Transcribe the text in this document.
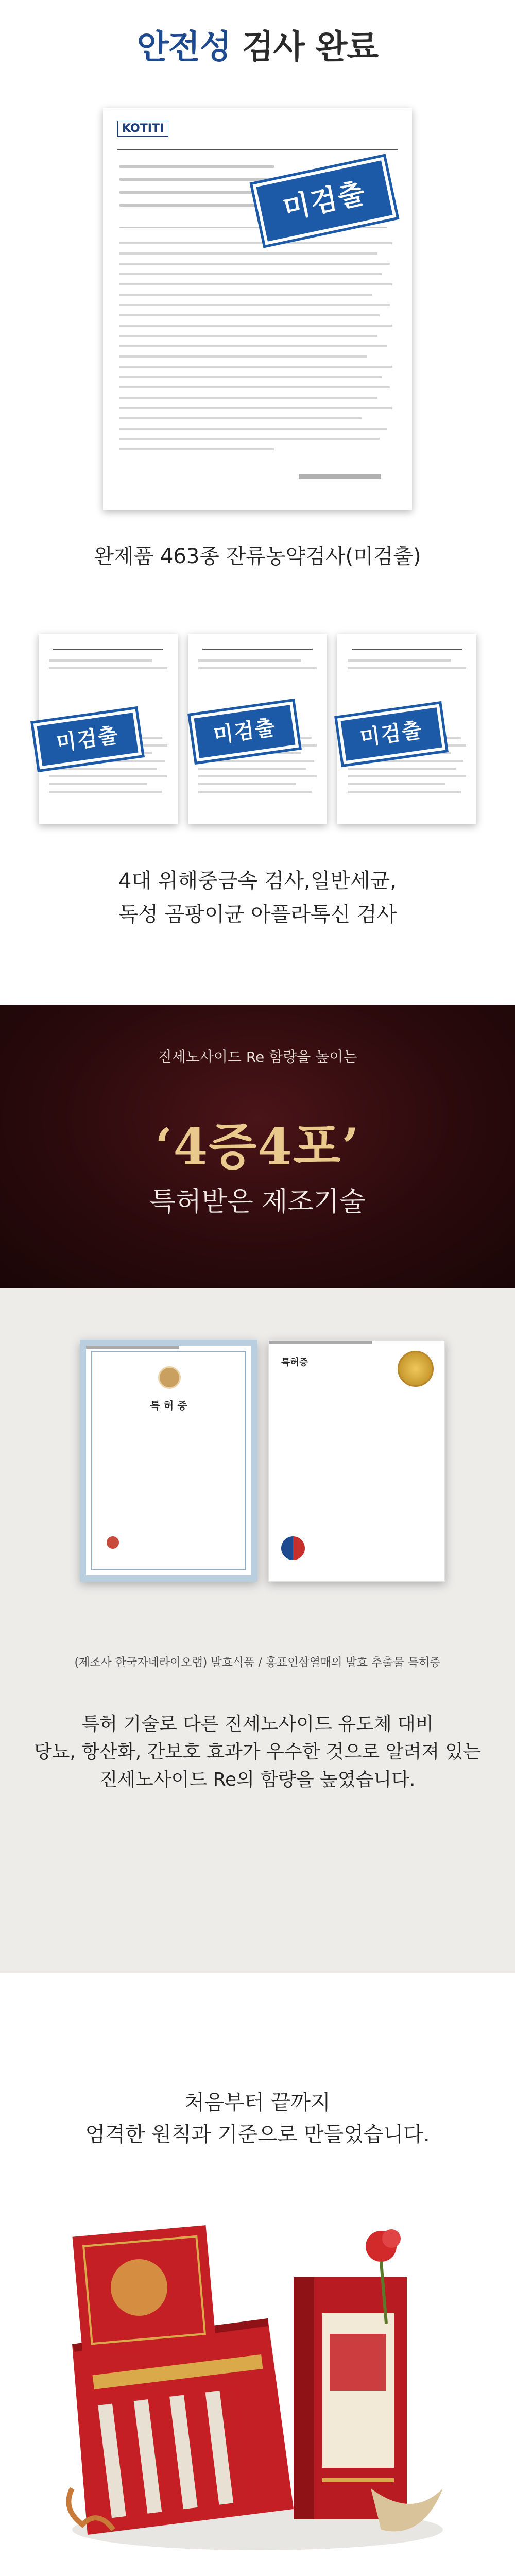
안전성 검사 완료
KOTITI
미검출

완제품 463종 잔류농약검사(미검출)

미검출	미검출	미검출

4대 위해중금속 검사,일반세균,

독성 곰팡이균 아플라톡신 검사

진세노사이드 Re 함량을 높이는

‘4증4포’

특허받은 제조기술

특 허 증
특허증

(제조사 한국자네라이오랩) 발효식품 / 홍표인삼열매의 발효 추출물 특허증

특허 기술로 다른 진세노사이드 유도체 대비
당뇨, 항산화, 간보호 효과가 우수한 것으로 알려져 있는
진세노사이드 Re의 함량을 높였습니다.

처음부터 끝까지
엄격한 원칙과 기준으로 만들었습니다.
